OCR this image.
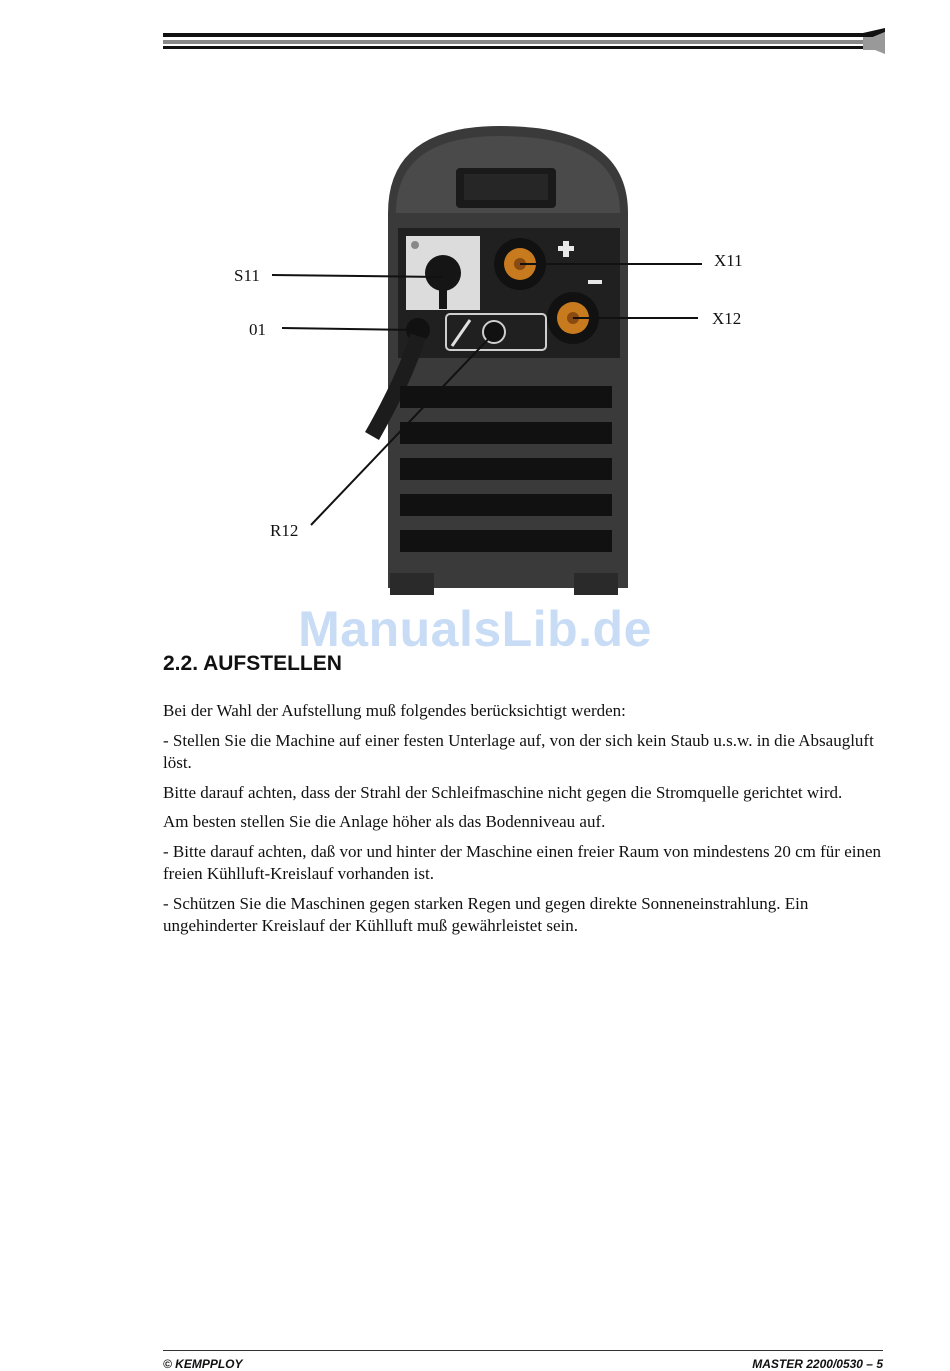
S11
01
R12
X11
X12
ManualsLib.de
2.2. AUFSTELLEN

Bei der Wahl der Aufstellung muß folgendes berücksichtigt werden:

- Stellen Sie die Machine auf einer festen Unterlage auf, von der sich kein Staub u.s.w. in die Absaugluft löst.

Bitte darauf achten, dass der Strahl der Schleifmaschine nicht gegen die Stromquelle gerichtet wird.

Am besten stellen Sie die Anlage höher als das Bodenniveau auf.

- Bitte darauf achten, daß vor und hinter der Maschine einen freier Raum von mindestens 20 cm für einen freien Kühlluft-Kreislauf vorhanden ist.

- Schützen Sie die Maschinen gegen starken Regen und gegen direkte Sonneneinstrahlung. Ein ungehinderter Kreislauf der Kühlluft muß gewährleistet sein.

© KEMPPLOY	MASTER 2200/0530 – 5
